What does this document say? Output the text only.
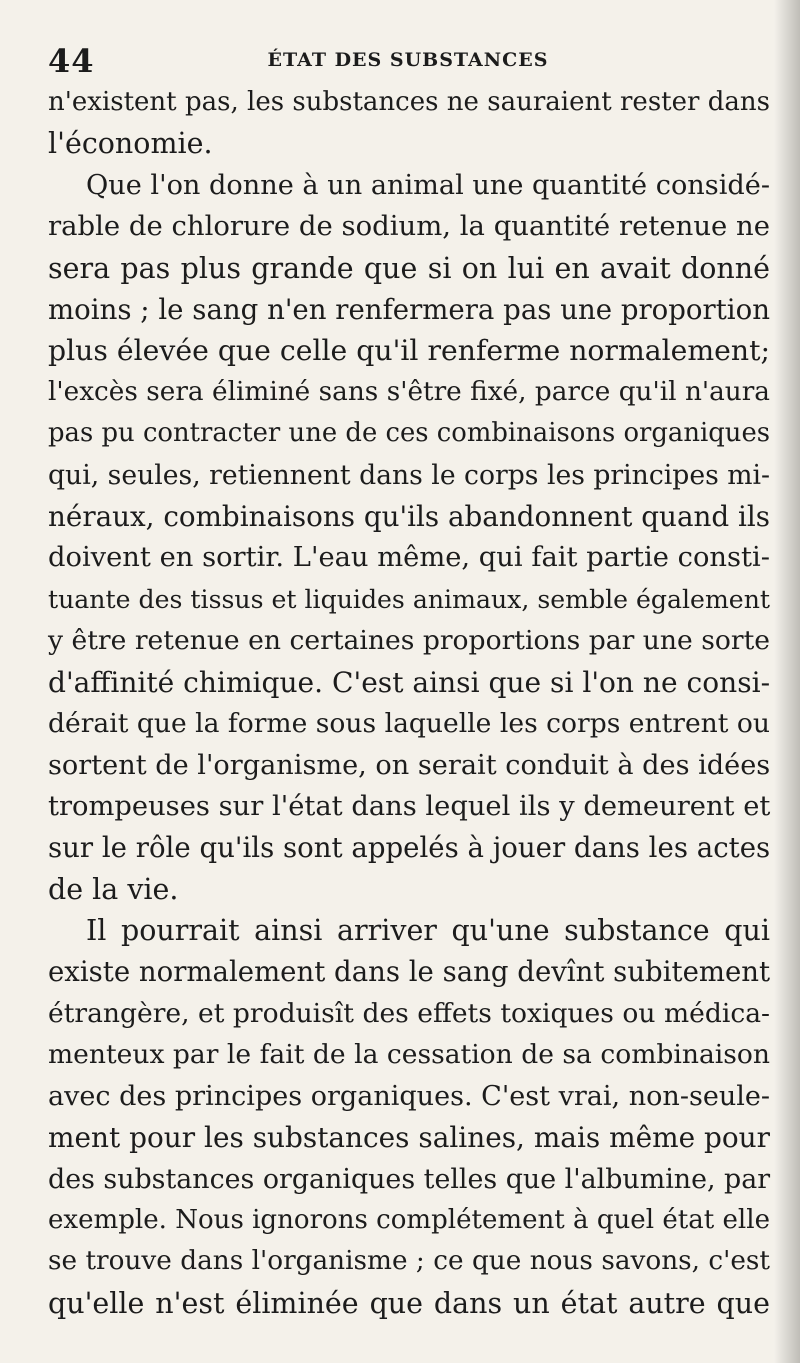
44	ÉTAT DES SUBSTANCES

n'existent pas, les substances ne sauraient rester dans
l'économie.

Que l'on donne à un animal une quantité considé-
rable de chlorure de sodium, la quantité retenue ne
sera pas plus grande que si on lui en avait donné
moins ; le sang n'en renfermera pas une proportion
plus élevée que celle qu'il renferme normalement;
l'excès sera éliminé sans s'être fixé, parce qu'il n'aura
pas pu contracter une de ces combinaisons organiques
qui, seules, retiennent dans le corps les principes mi-
néraux, combinaisons qu'ils abandonnent quand ils
doivent en sortir. L'eau même, qui fait partie consti-
tuante des tissus et liquides animaux, semble également
y être retenue en certaines proportions par une sorte
d'affinité chimique. C'est ainsi que si l'on ne consi-
dérait que la forme sous laquelle les corps entrent ou
sortent de l'organisme, on serait conduit à des idées
trompeuses sur l'état dans lequel ils y demeurent et
sur le rôle qu'ils sont appelés à jouer dans les actes
de la vie.

Il pourrait ainsi arriver qu'une substance qui
existe normalement dans le sang devînt subitement
étrangère, et produisît des effets toxiques ou médica-
menteux par le fait de la cessation de sa combinaison
avec des principes organiques. C'est vrai, non-seule-
ment pour les substances salines, mais même pour
des substances organiques telles que l'albumine, par
exemple. Nous ignorons complétement à quel état elle
se trouve dans l'organisme ; ce que nous savons, c'est
qu'elle n'est éliminée que dans un état autre que
